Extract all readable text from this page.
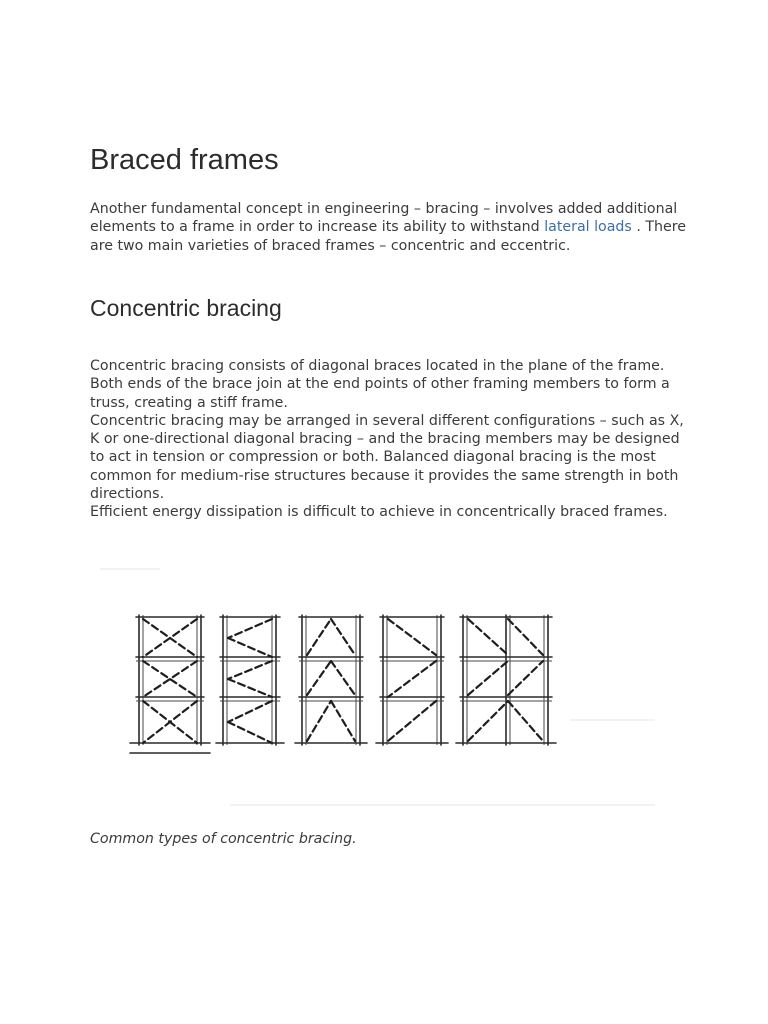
Braced frames
Another fundamental concept in engineering – bracing – involves added additional elements to a frame in order to increase its ability to withstand lateral loads . There are two main varieties of braced frames – concentric and eccentric.
Concentric bracing
Concentric bracing consists of diagonal braces located in the plane of the frame. Both ends of the brace join at the end points of other framing members to form a truss, creating a stiff frame.
Concentric bracing may be arranged in several different configurations – such as X, K or one-directional diagonal bracing – and the bracing members may be designed to act in tension or compression or both. Balanced diagonal bracing is the most common for medium-rise structures because it provides the same strength in both directions.
Efficient energy dissipation is difficult to achieve in concentrically braced frames.

Common types of concentric bracing.
